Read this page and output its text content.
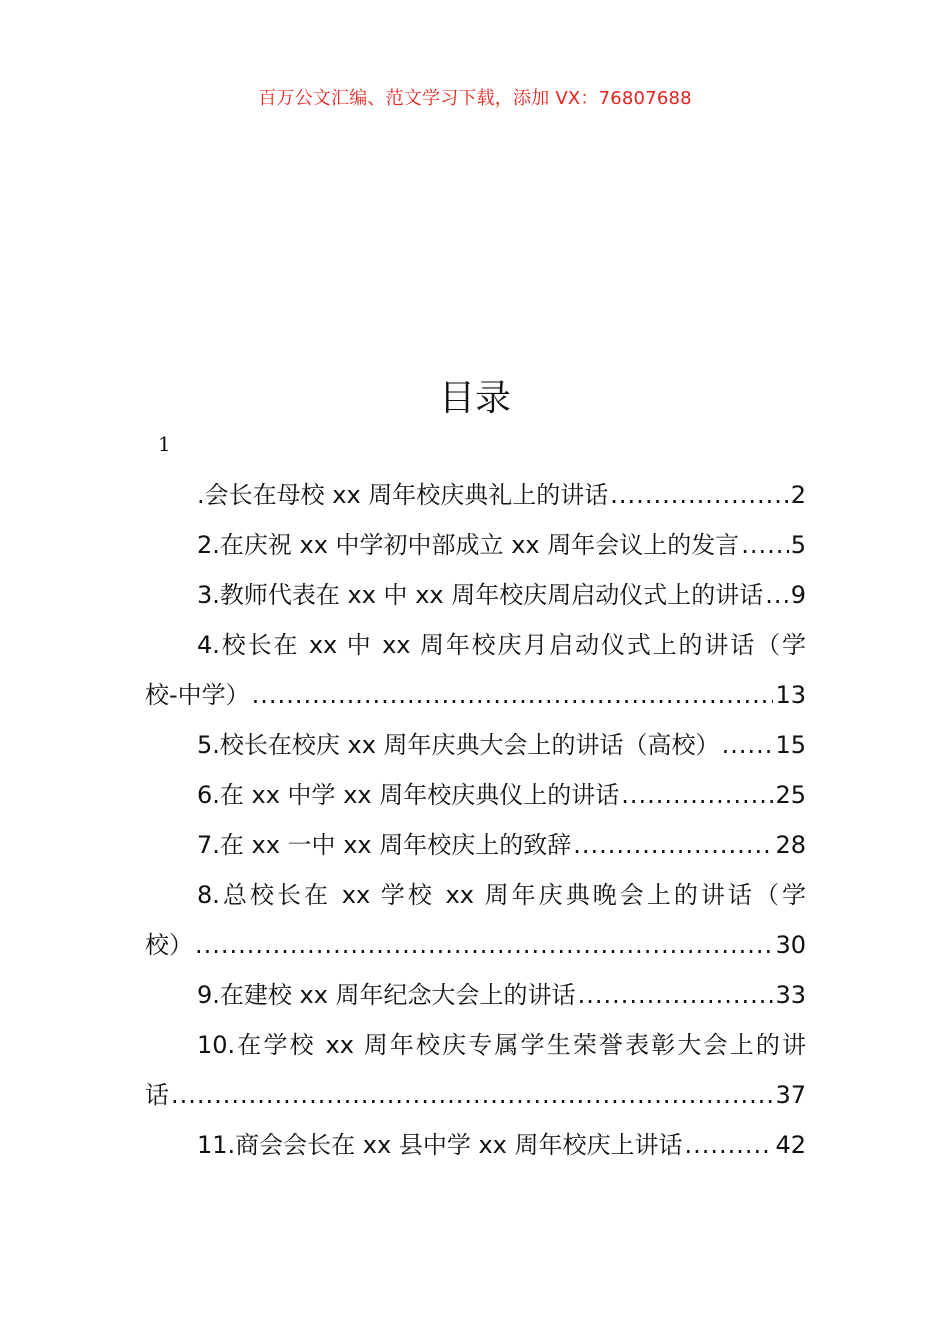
百万公文汇编、范文学习下载，添加 VX：76807688
目录
1
.会长在母校 xx 周年校庆典礼上的讲话 .....	2
2.在庆祝 xx 中学初中部成立 xx 周年会议上的发言 ..... 5
3.教师代表在 xx 中 xx 周年校庆周启动仪式上的讲话 ..... 9
4.校长在 xx 中 xx 周年校庆月启动仪式上的讲话（学
校-中学） .....	13
5.校长在校庆 xx 周年庆典大会上的讲话（高校） ..... 15
6.在 xx 中学 xx 周年校庆典仪上的讲话 .....	25
7.在 xx 一中 xx 周年校庆上的致辞 .....	28
8.总校长在 xx 学校 xx 周年庆典晚会上的讲话（学
校） .....	30
9.在建校 xx 周年纪念大会上的讲话 .....	33
10.在学校 xx 周年校庆专属学生荣誉表彰大会上的讲
话 .....	37
11.商会会长在 xx 县中学 xx 周年校庆上讲话 .....	42
